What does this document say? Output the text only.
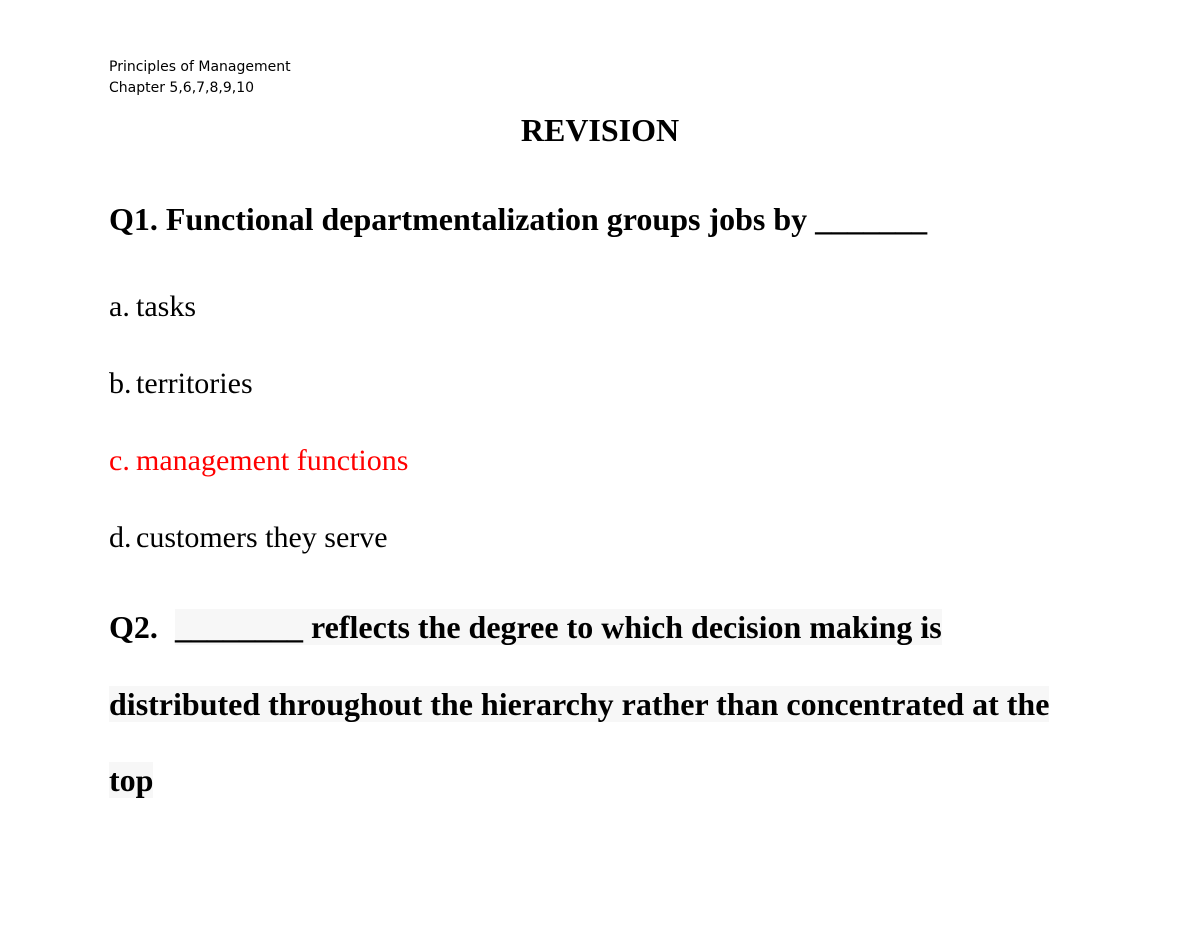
Principles of Management
Chapter 5,6,7,8,9,10
REVISION
Q1. Functional departmentalization groups jobs by _______
a. tasks
b. territories
c. management functions
d. customers they serve
Q2. ________ reflects the degree to which decision making is
distributed throughout the hierarchy rather than concentrated at the
top
